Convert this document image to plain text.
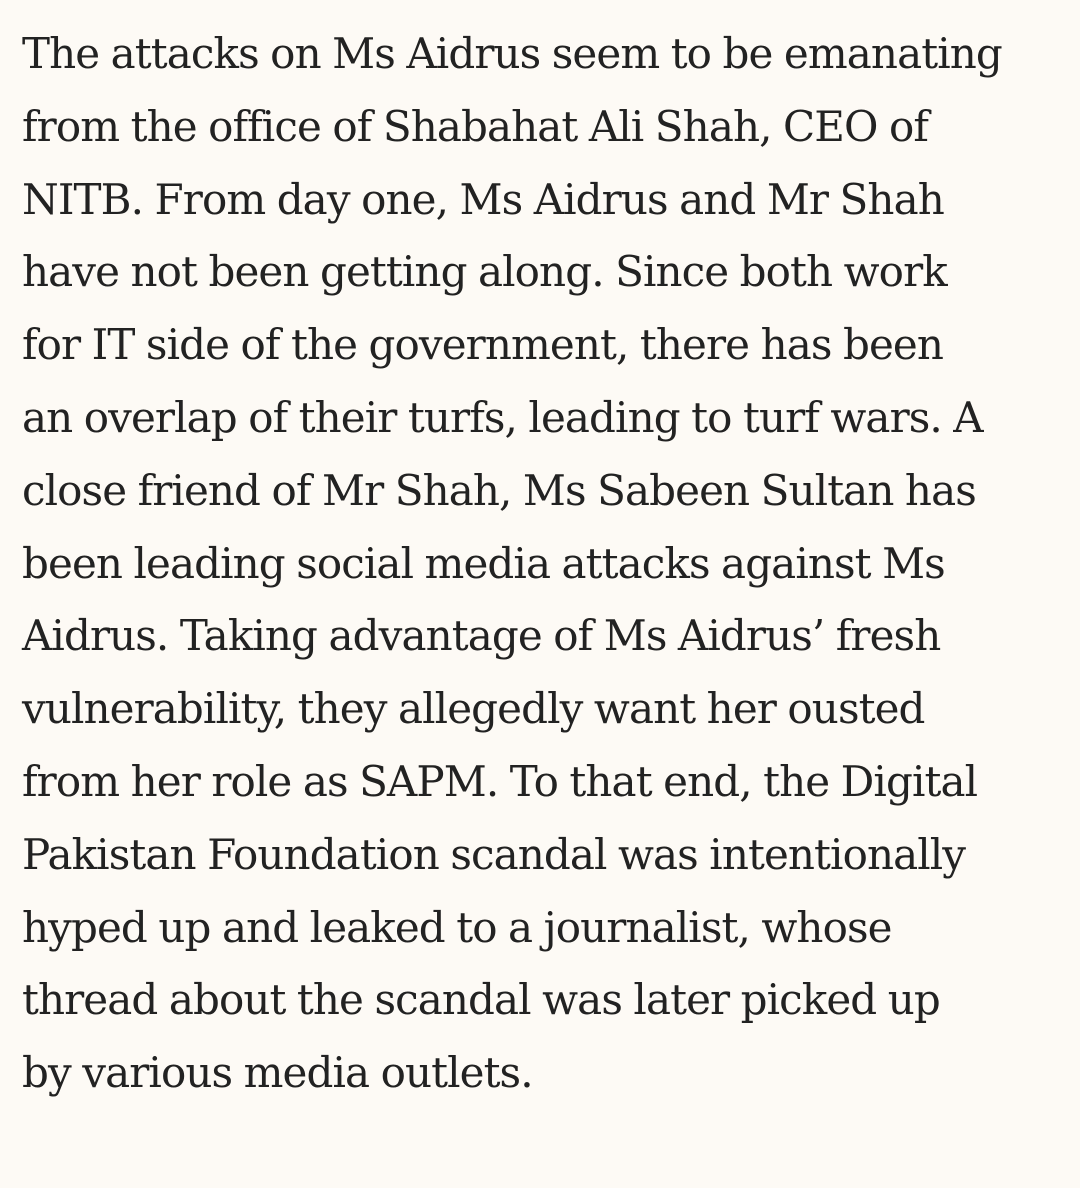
The attacks on Ms Aidrus seem to be emanating
from the office of Shabahat Ali Shah, CEO of
NITB. From day one, Ms Aidrus and Mr Shah
have not been getting along. Since both work
for IT side of the government, there has been
an overlap of their turfs, leading to turf wars. A
close friend of Mr Shah, Ms Sabeen Sultan has
been leading social media attacks against Ms
Aidrus. Taking advantage of Ms Aidrus’ fresh
vulnerability, they allegedly want her ousted
from her role as SAPM. To that end, the Digital
Pakistan Foundation scandal was intentionally
hyped up and leaked to a journalist, whose
thread about the scandal was later picked up
by various media outlets.
